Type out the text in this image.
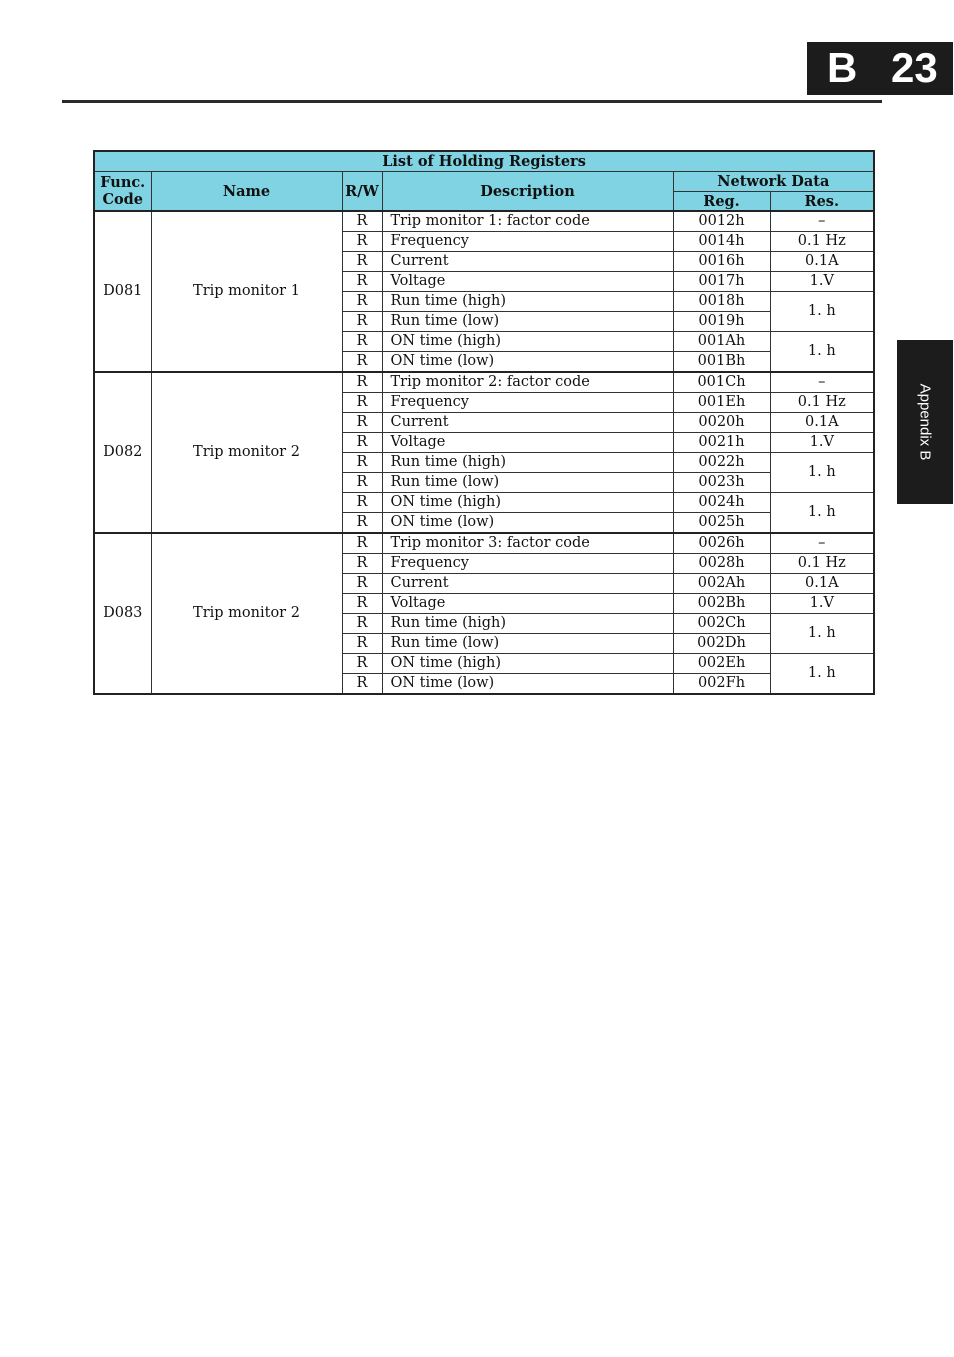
B 23
Appendix B
List of Holding Registers					
Func. Code	Name	R/W	Description	Network Data	
				Reg.	Res.
D081	Trip monitor 1	R	Trip monitor 1: factor code	0012h	–
		R	Frequency	0014h	0.1 Hz
		R	Current	0016h	0.1A
		R	Voltage	0017h	1.V
		R	Run time (high)	0018h	1. h
		R	Run time (low)	0019h	
		R	ON time (high)	001Ah	1. h
		R	ON time (low)	001Bh	
D082	Trip monitor 2	R	Trip monitor 2: factor code	001Ch	–
		R	Frequency	001Eh	0.1 Hz
		R	Current	0020h	0.1A
		R	Voltage	0021h	1.V
		R	Run time (high)	0022h	1. h
		R	Run time (low)	0023h	
		R	ON time (high)	0024h	1. h
		R	ON time (low)	0025h	
D083	Trip monitor 2	R	Trip monitor 3: factor code	0026h	–
		R	Frequency	0028h	0.1 Hz
		R	Current	002Ah	0.1A
		R	Voltage	002Bh	1.V
		R	Run time (high)	002Ch	1. h
		R	Run time (low)	002Dh	
		R	ON time (high)	002Eh	1. h
		R	ON time (low)	002Fh	
